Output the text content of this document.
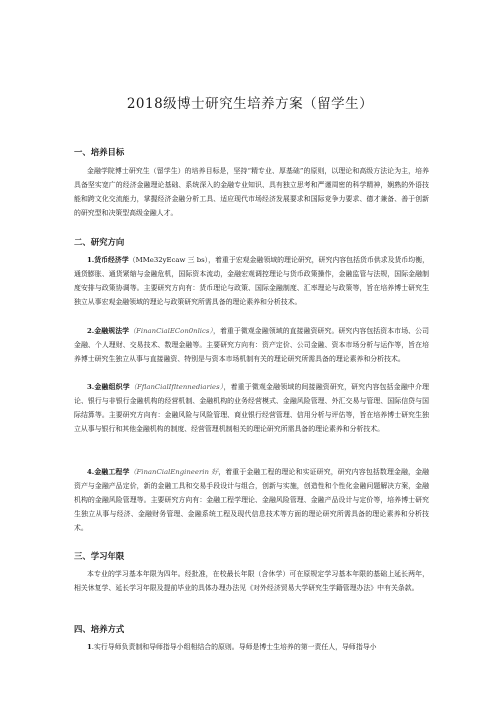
2018级博士研究生培养方案（留学生）
一、培养目标
金融学院博士研究生（留学生）的培养目标是，坚持“精专业、厚基础”的原则，以理论和高级方法论为主，培养具备坚实宽广的经济金融理论基础、系统深入的金融专业知识、具有独立思考和严谨周密的科学精神，娴熟的外语技能和跨文化交流能力，掌握经济金融分析工具、适应现代市场经济发展要求和国际竞争力要求、德才兼备、善于创新的研究型和决策型高级金融人才。
二、研究方向
1.货币经济学（MMe32yEcaw 三 bs），着重于宏观金融领域的理论研究，研究内容包括货币供求及货币均衡，通货膨胀、通货紧缩与金融危机，国际资本流动，金融宏观调控理论与货币政策操作，金融监管与法规，国际金融制度安排与政策协调等。主要研究方向有：货币理论与政策、国际金融制度、汇率理论与政策等，旨在培养博士研究生独立从事宏观金融领域的理论与政策研究所需具备的理论素养和分析技术。
2.金融规法学（FinanCialECon0nlics），着重于微观金融领域的直接融资研究。研究内容包括资本市场、公司金融、个人理财、交易技术、数理金融等。主要研究方向有：资产定价、公司金融、资本市场分析与运作等，旨在培养博士研究生独立从事与直接融资、特别是与资本市场机制有关的理论研究所需具备的理论素养和分析技术。
3.金融组织学（FflanCialIfltennediaries），着重于微观金融领域的间接融资研究，研究内容包括金融中介理论、银行与非银行金融机构的经营机制、金融机构的业务经营模式、金融风险管理、外汇交易与管理、国际信贷与国际结算等。主要研究方向有：金融风险与风险管理、商业银行经营管理、信用分析与评估等，旨在培养博士研究生独立从事与银行和其他金融机构的制度、经营管理机制相关的理论研究所需具备的理论素养和分析技术。
4.金融工程学（FinanCialEngineerin 好，着重于金融工程的理论和实证研究，研究内容包括数理金融，金融资产与金融产品定价，新的金融工具和交易手段设计与组合，创新与实施，创造性和个性化金融问题解决方案，金融机构的金融风险管理等。主要研究方向有：金融工程学理论、金融风险管理、金融产品设计与定价等，培养博士研究生独立从事与经济、金融财务管理、金融系统工程及现代信息技术等方面的理论研究所需具备的理论素养和分析技术。
三、学习年限
本专业的学习基本年限为四年。经批准，在校最长年限（含休学）可在原规定学习基本年限的基础上延长两年，相关休复学、延长学习年限及提前毕业的具体办理办法见《对外经济贸易大学研究生学籍管理办法》中有关条款。
四、培养方式
1.实行导师负责制和导师指导小组相结合的原则。导师是博士生培养的第一责任人，导师指导小
